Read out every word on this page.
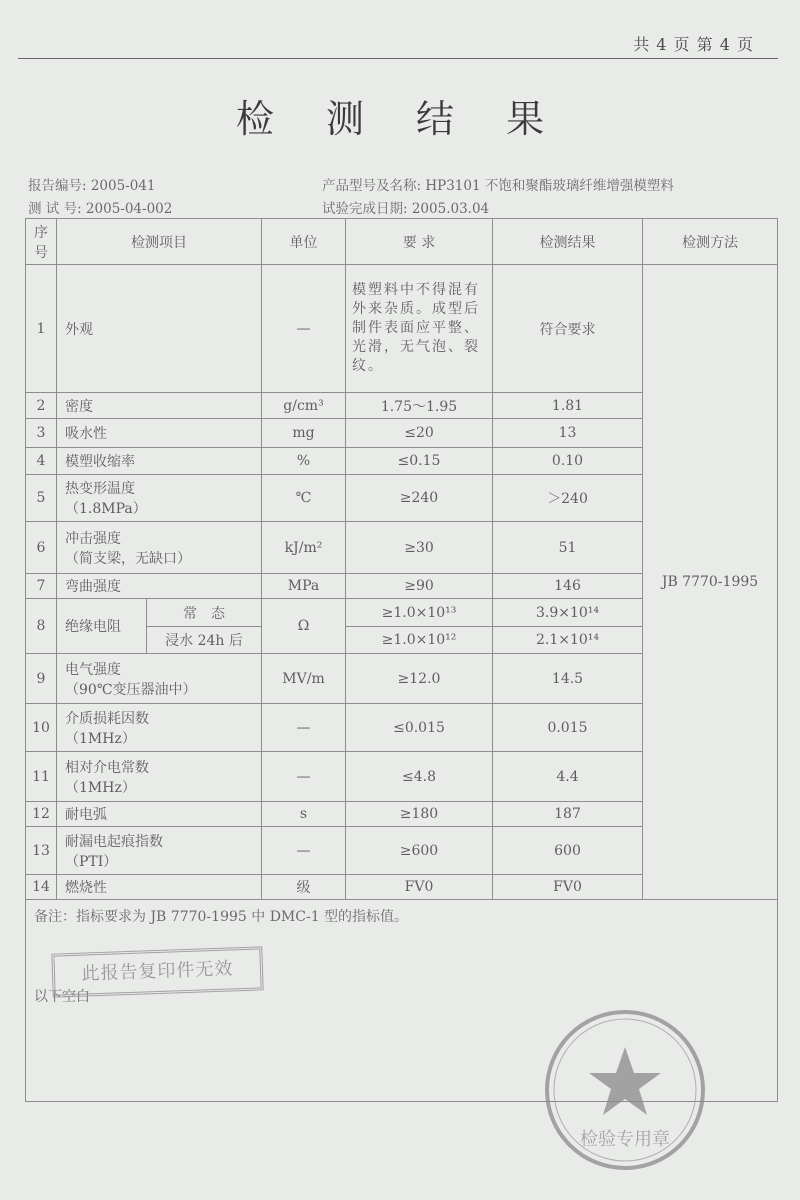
共 4 页 第 4 页
检 测 结 果
报告编号: 2005-041
测 试 号: 2005-04-002
产品型号及名称: HP3101 不饱和聚酯玻璃纤维增强模塑料
试验完成日期: 2005.03.04
序号	检测项目		单位	要 求	检测结果	检测方法
1	外观		—	模塑料中不得混有外来杂质。成型后制件表面应平整、光滑，无气泡、裂纹。	符合要求	JB 7770-1995
2	密度		g/cm³	1.75～1.95	1.81	
3	吸水性		mg	≤20	13	
4	模塑收缩率		%	≤0.15	0.10	
5	热变形温度
（1.8MPa）		℃	≥240	＞240	
6	冲击强度
（简支梁，无缺口）		kJ/m²	≥30	51	
7	弯曲强度		MPa	≥90	146	
8	绝缘电阻	常　态	Ω	≥1.0×10¹³	3.9×10¹⁴	
		浸水 24h 后		≥1.0×10¹²	2.1×10¹⁴	
9	电气强度
（90℃变压器油中）		MV/m	≥12.0	14.5	
10	介质损耗因数
（1MHz）		—	≤0.015	0.015	
11	相对介电常数
（1MHz）		—	≤4.8	4.4	
12	耐电弧		s	≥180	187	
13	耐漏电起痕指数
（PTI）		—	≥600	600	
14	燃烧性		级	FV0	FV0	

备注：指标要求为 JB 7770-1995 中 DMC-1 型的指标值。
以下空白						
此报告复印件无效
检验专用章
